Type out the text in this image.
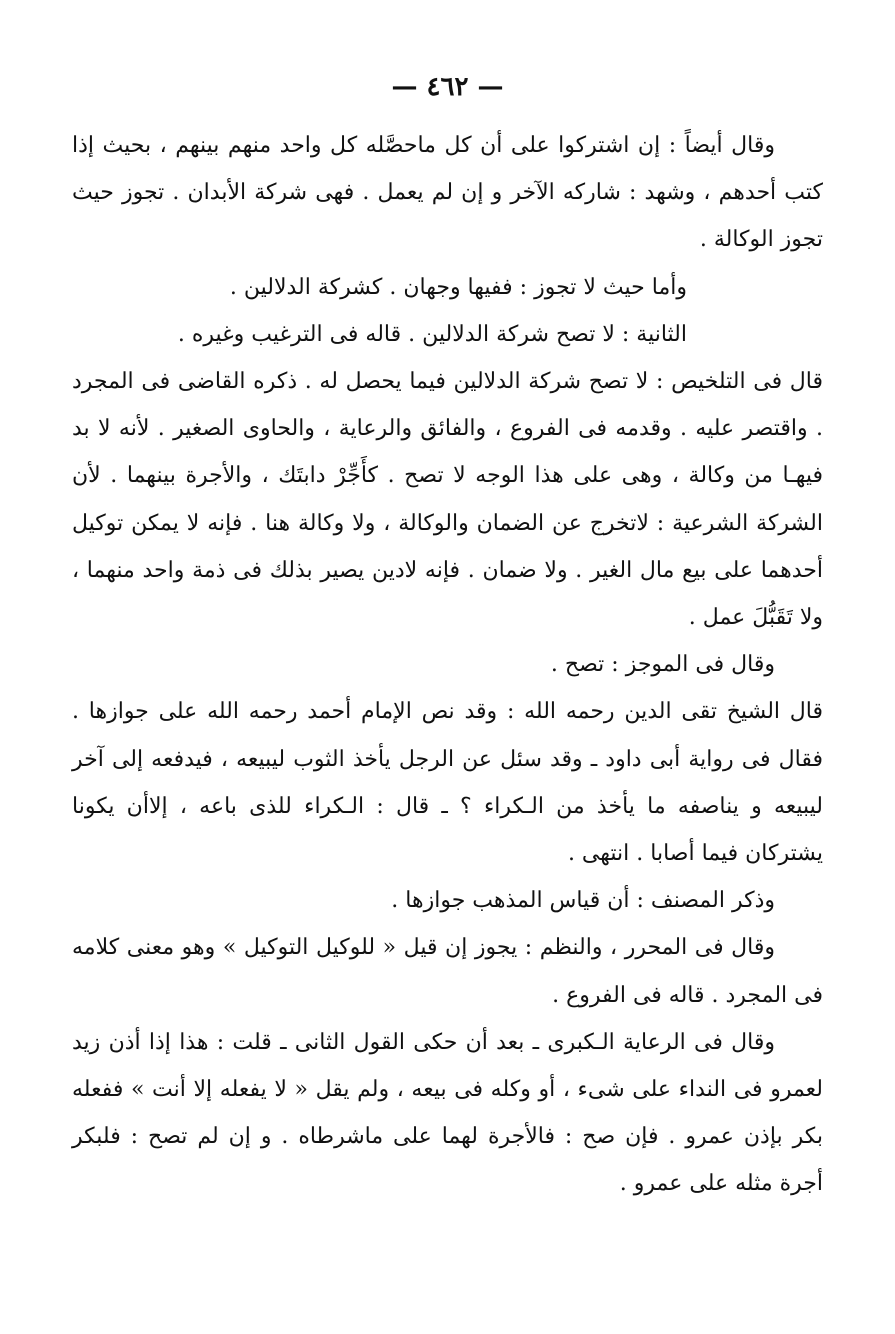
— ٤٦٢ —

وقال أيضاً : إن اشتركوا على أن كل ماحصَّله كل واحد منهم بينهم ، بحيث إذا كتب أحدهم ، وشهد : شاركه الآخر و إن لم يعمل . فهى شركة الأبدان . تجوز حيث تجوز الوكالة .

وأما حيث لا تجوز : ففيها وجهان . كشركة الدلالين .

الثانية : لا تصح شركة الدلالين . قاله فى الترغيب وغيره .

قال فى التلخيص : لا تصح شركة الدلالين فيما يحصل له . ذكره القاضى فى المجرد . واقتصر عليه . وقدمه فى الفروع ، والفائق والرعاية ، والحاوى الصغير . لأنه لا بد فيهـا من وكالة ، وهى على هذا الوجه لا تصح . كأَجِّرْ دابتَك ، والأجرة بينهما . لأن الشركة الشرعية : لاتخرج عن الضمان والوكالة ، ولا وكالة هنا . فإنه لا يمكن توكيل أحدهما على بيع مال الغير . ولا ضمان . فإنه لادين يصير بذلك فى ذمة واحد منهما ، ولا تَقَبُّلَ عمل .

وقال فى الموجز : تصح .

قال الشيخ تقى الدين رحمه الله : وقد نص الإمام أحمد رحمه الله على جوازها . فقال فى رواية أبى داود ـ وقد سئل عن الرجل يأخذ الثوب ليبيعه ، فيدفعه إلى آخر ليبيعه و يناصفه ما يأخذ من الـكراء ؟ ـ قال : الـكراء للذى باعه ، إلاأن يكونا يشتركان فيما أصابا . انتهى .

وذكر المصنف : أن قياس المذهب جوازها .

وقال فى المحرر ، والنظم : يجوز إن قيل « للوكيل التوكيل » وهو معنى كلامه فى المجرد . قاله فى الفروع .

وقال فى الرعاية الـكبرى ـ بعد أن حكى القول الثانى ـ قلت : هذا إذا أذن زيد لعمرو فى النداء على شىء ، أو وكله فى بيعه ، ولم يقل « لا يفعله إلا أنت » ففعله بكر بإذن عمرو . فإن صح : فالأجرة لهما على ماشرطاه . و إن لم تصح : فلبكر أجرة مثله على عمرو .
